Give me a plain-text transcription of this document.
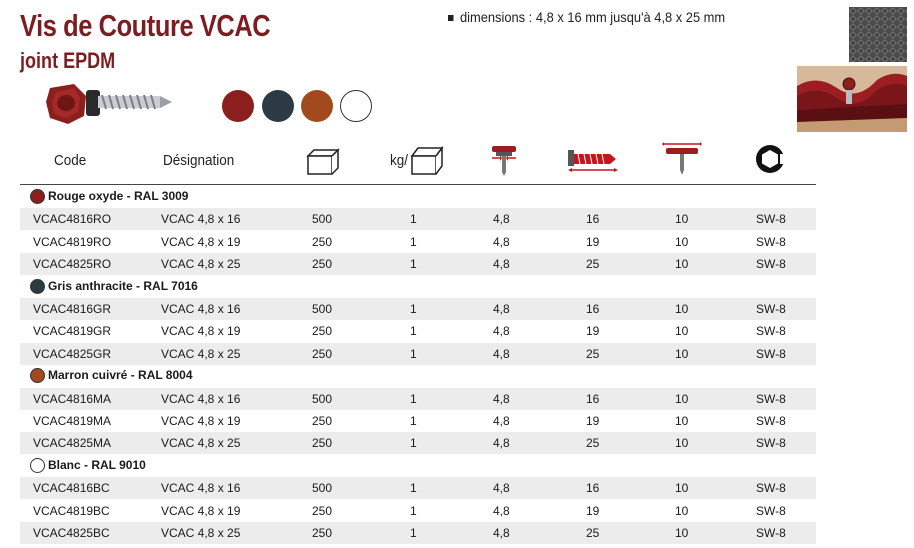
Vis de Couture VCAC
joint EPDM
dimensions : 4,8 x 16 mm jusqu'à 4,8 x 25 mm
Code	Désignation	kg/
Rouge oxyde - RAL 3009
VCAC4816RO	VCAC 4,8 x 16	500	1	4,8	16	10	SW-8
VCAC4819RO	VCAC 4,8 x 19	250	1	4,8	19	10	SW-8
VCAC4825RO	VCAC 4,8 x 25	250	1	4,8	25	10	SW-8
Gris anthracite - RAL 7016
VCAC4816GR	VCAC 4,8 x 16	500	1	4,8	16	10	SW-8
VCAC4819GR	VCAC 4,8 x 19	250	1	4,8	19	10	SW-8
VCAC4825GR	VCAC 4,8 x 25	250	1	4,8	25	10	SW-8
Marron cuivré - RAL 8004
VCAC4816MA	VCAC 4,8 x 16	500	1	4,8	16	10	SW-8
VCAC4819MA	VCAC 4,8 x 19	250	1	4,8	19	10	SW-8
VCAC4825MA	VCAC 4,8 x 25	250	1	4,8	25	10	SW-8
Blanc - RAL 9010
VCAC4816BC	VCAC 4,8 x 16	500	1	4,8	16	10	SW-8
VCAC4819BC	VCAC 4,8 x 19	250	1	4,8	19	10	SW-8
VCAC4825BC	VCAC 4,8 x 25	250	1	4,8	25	10	SW-8
